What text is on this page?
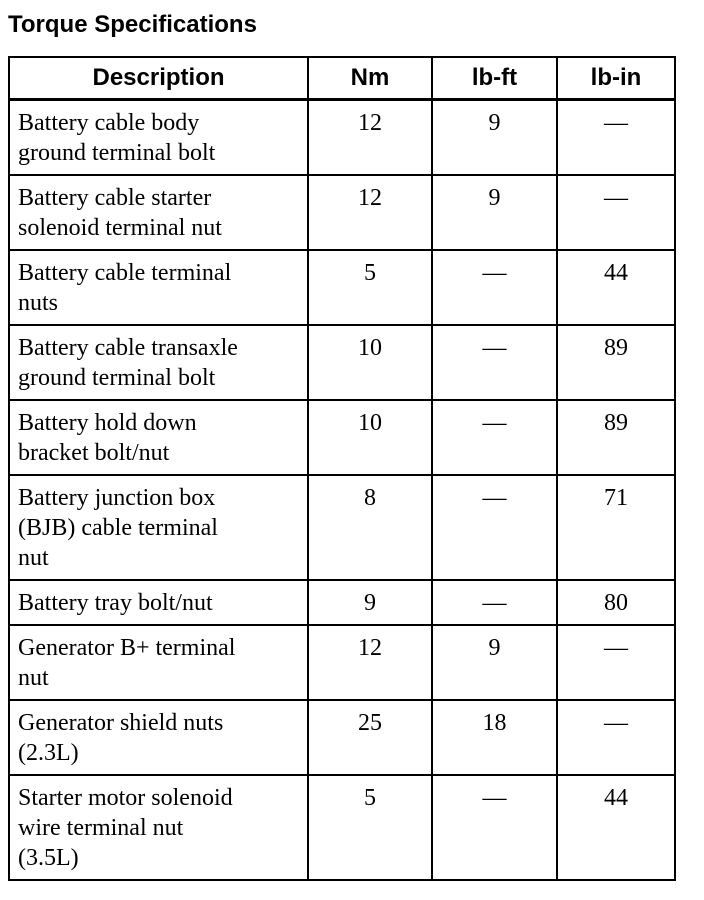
Torque Specifications
Description	Nm	lb-ft	lb-in

Battery cable body
ground terminal bolt	12	9	—

Battery cable starter
solenoid terminal nut	12	9	—

Battery cable terminal
nuts	5	—	44

Battery cable transaxle
ground terminal bolt	10	—	89

Battery hold down
bracket bolt/nut	10	—	89

Battery junction box
(BJB) cable terminal
nut	8	—	71

Battery tray bolt/nut	9	—	80

Generator B+ terminal
nut	12	9	—

Generator shield nuts
(2.3L)	25	18	—

Starter motor solenoid
wire terminal nut
(3.5L)	5	—	44
